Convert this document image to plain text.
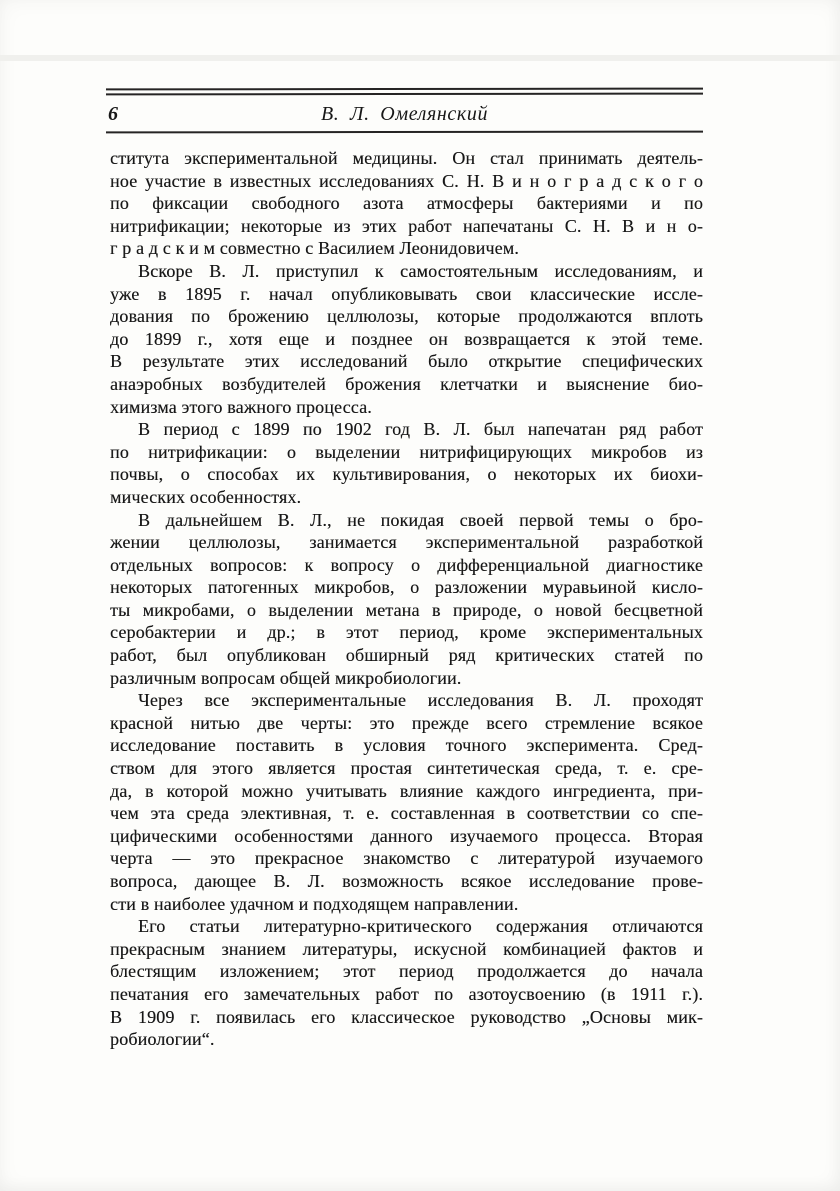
6	В. Л. Омелянский
ститута экспериментальной медицины. Он стал принимать деятель-
ное участие в известных исследованиях С. Н. В и н о г р а д с к о г о
по фиксации свободного азота атмосферы бактериями и по
нитрификации; некоторые из этих работ напечатаны С. Н. В и н о-
г р а д с к и м совместно с Василием Леонидовичем.
Вскоре В. Л. приступил к самостоятельным исследованиям, и
уже в 1895 г. начал опубликовывать свои классические иссле-
дования по брожению целлюлозы, которые продолжаются вплоть
до 1899 г., хотя еще и позднее он возвращается к этой теме.
В результате этих исследований было открытие специфических
анаэробных возбудителей брожения клетчатки и выяснение био-
химизма этого важного процесса.
В период с 1899 по 1902 год В. Л. был напечатан ряд работ
по нитрификации: о выделении нитрифицирующих микробов из
почвы, о способах их культивирования, о некоторых их биохи-
мических особенностях.
В дальнейшем В. Л., не покидая своей первой темы о бро-
жении целлюлозы, занимается экспериментальной разработкой
отдельных вопросов: к вопросу о дифференциальной диагностике
некоторых патогенных микробов, о разложении муравьиной кисло-
ты микробами, о выделении метана в природе, о новой бесцветной
серобактерии и др.; в этот период, кроме экспериментальных
работ, был опубликован обширный ряд критических статей по
различным вопросам общей микробиологии.
Через все экспериментальные исследования В. Л. проходят
красной нитью две черты: это прежде всего стремление всякое
исследование поставить в условия точного эксперимента. Сред-
ством для этого является простая синтетическая среда, т. е. сре-
да, в которой можно учитывать влияние каждого ингредиента, при-
чем эта среда элективная, т. е. составленная в соответствии со спе-
цифическими особенностями данного изучаемого процесса. Вторая
черта — это прекрасное знакомство с литературой изучаемого
вопроса, дающее В. Л. возможность всякое исследование прове-
сти в наиболее удачном и подходящем направлении.
Его статьи литературно-критического содержания отличаются
прекрасным знанием литературы, искусной комбинацией фактов и
блестящим изложением; этот период продолжается до начала
печатания его замечательных работ по азотоусвоению (в 1911 г.).
В 1909 г. появилась его классическое руководство „Основы мик-
робиологии“.
